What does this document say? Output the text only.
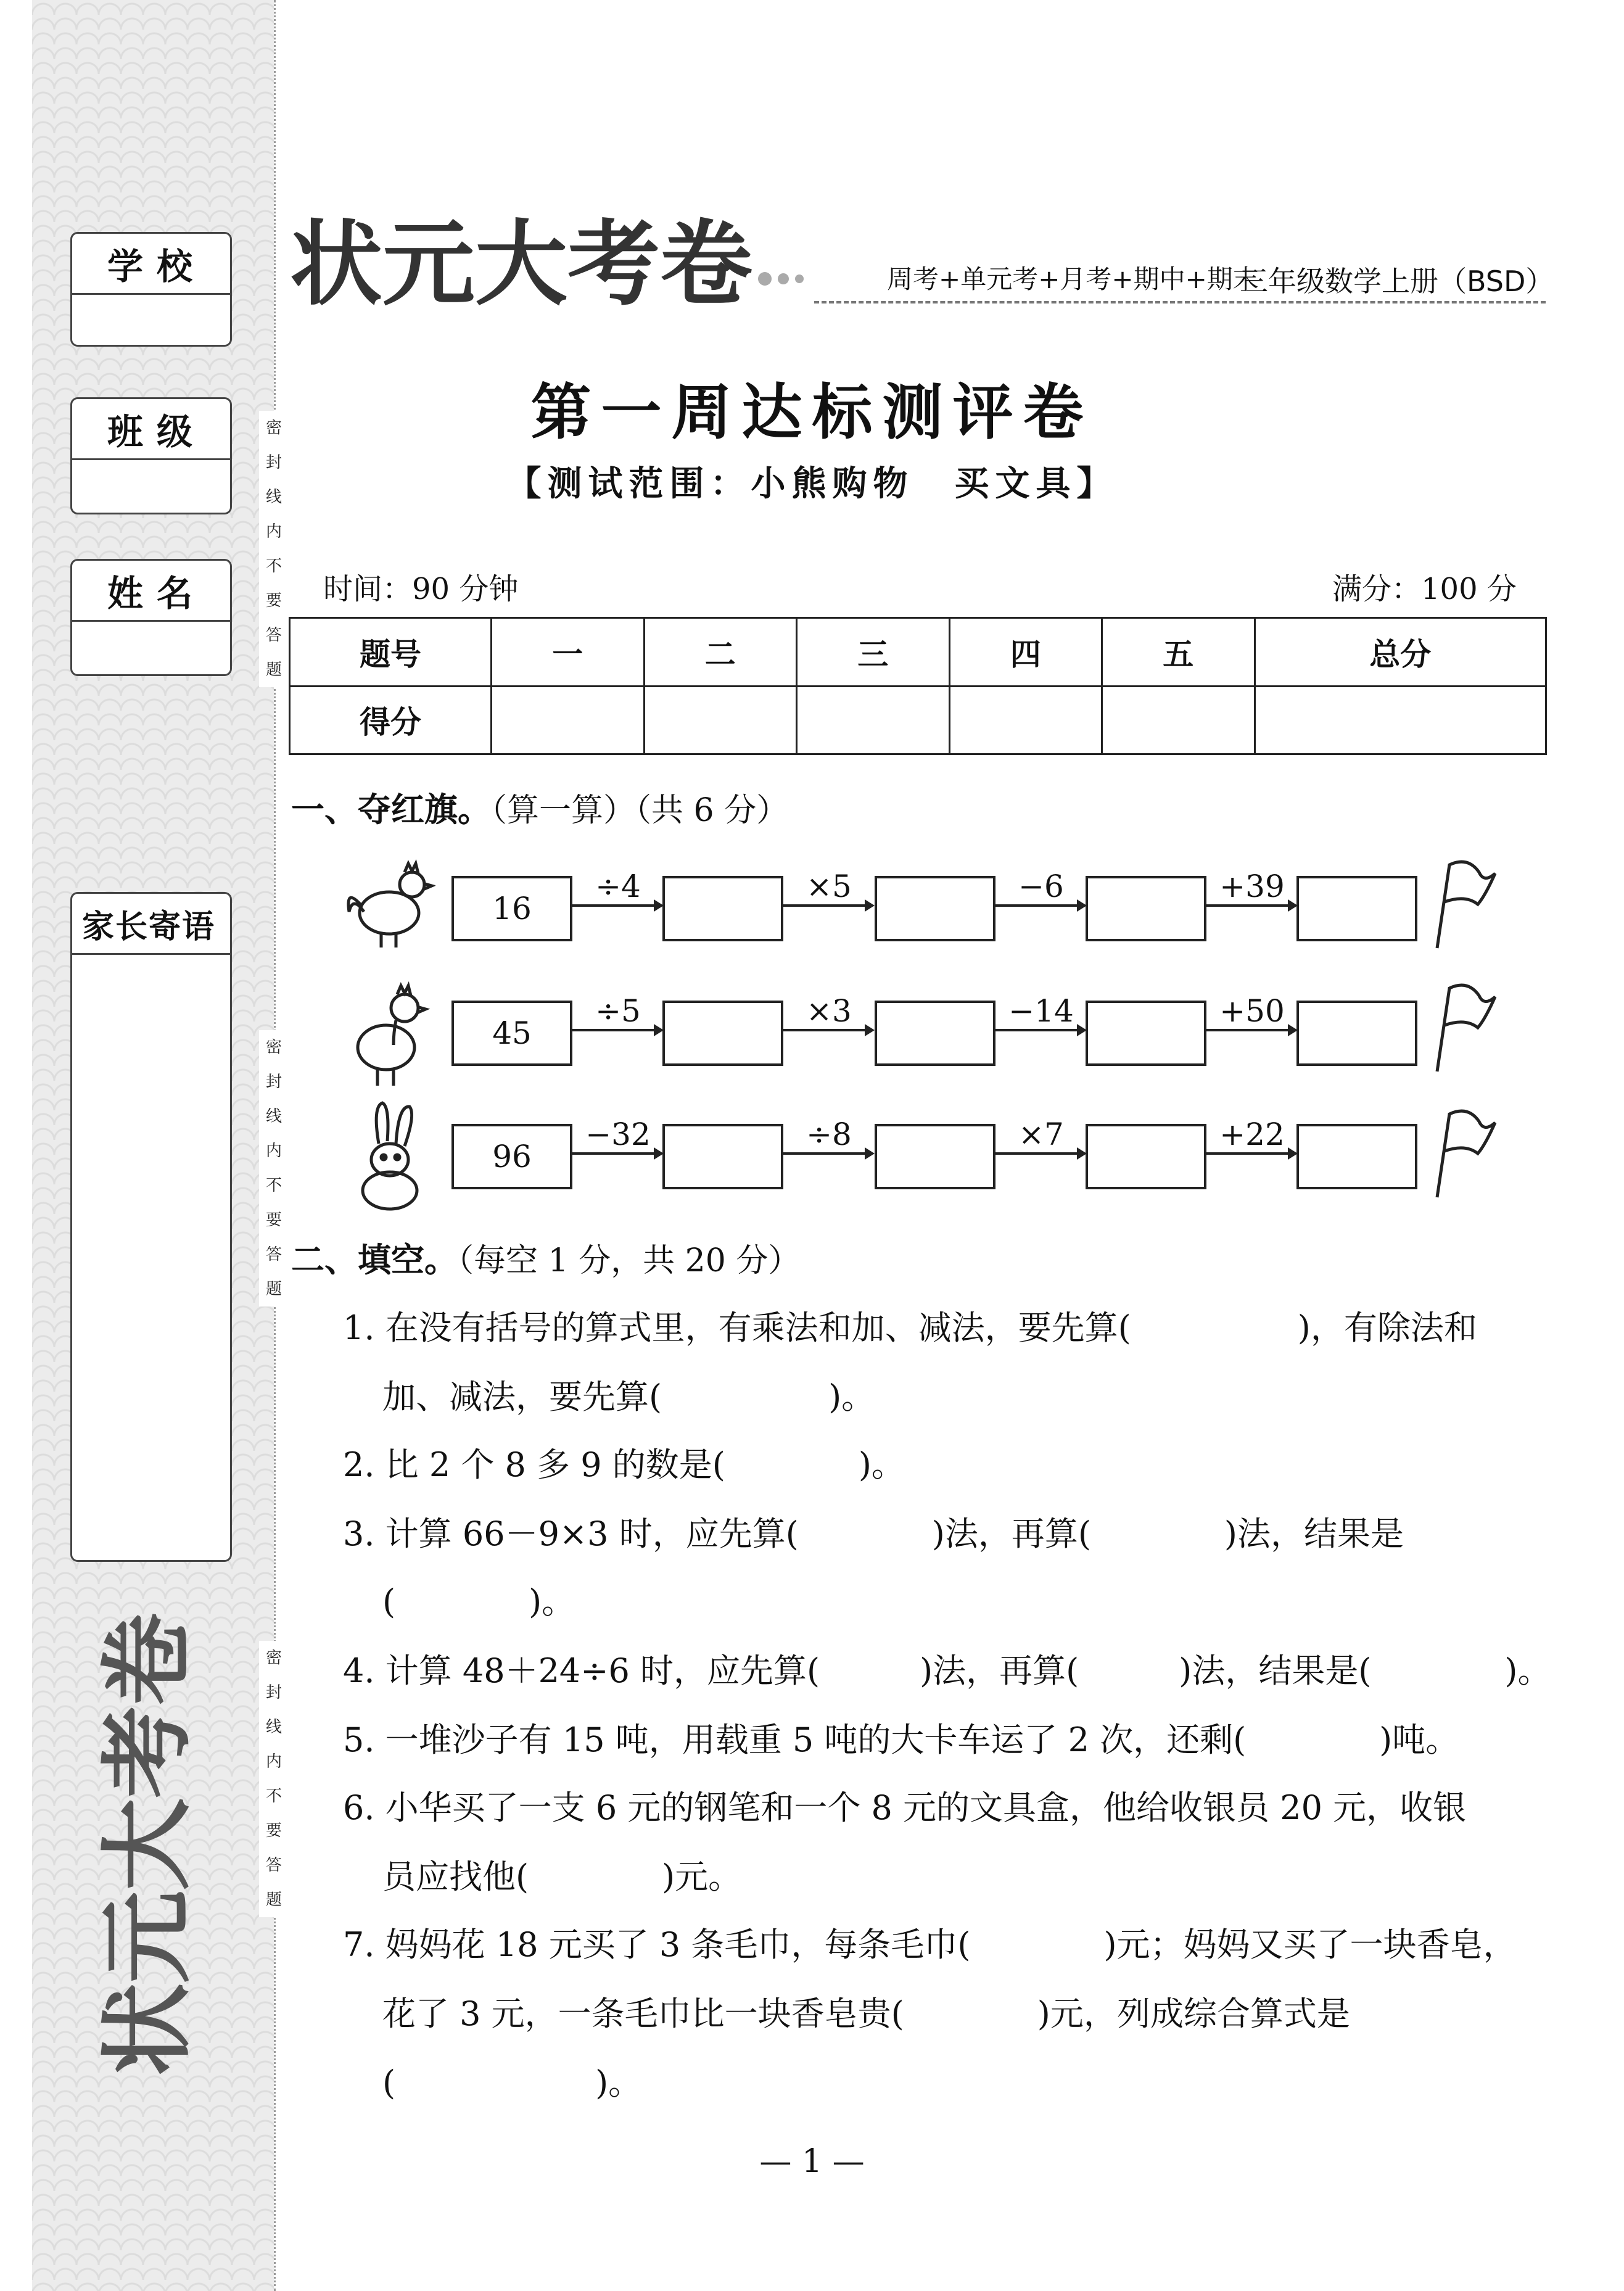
学校
班级
姓名
家长寄语
密
封
线
内
不
要
答
题
密
封
线
内
不
要
答
题
密
封
线
内
不
要
答
题
状元大考卷
状元大考卷	周考+单元考+月考+期中+期末
三年级数学上册（BSD）
第一周达标测评卷
【测试范围：小熊购物　买文具】
时间：90 分钟	满分：100 分
题号	一	二	三	四	五	总分
得分						
一、夺红旗。（算一算）（共 6 分）
16
÷4	×5	−6	+39
45
÷5	×3	−14	+50
96
−32	÷8	×7	+22
二、填空。（每空 1 分，共 20 分）
1. 在没有括号的算式里，有乘法和加、减法，要先算(　　　　　)，有除法和
加、减法，要先算(　　　　　)。
2. 比 2 个 8 多 9 的数是(　　　　)。
3. 计算 66－9×3 时，应先算(　　　　)法，再算(　　　　)法，结果是
(　　　　)。
4. 计算 48＋24÷6 时，应先算(　　　)法，再算(　　　)法，结果是(　　　　)。
5. 一堆沙子有 15 吨，用载重 5 吨的大卡车运了 2 次，还剩(　　　　)吨。
6. 小华买了一支 6 元的钢笔和一个 8 元的文具盒，他给收银员 20 元，收银
员应找他(　　　　)元。
7. 妈妈花 18 元买了 3 条毛巾，每条毛巾(　　　　)元；妈妈又买了一块香皂，
花了 3 元，一条毛巾比一块香皂贵(　　　　)元，列成综合算式是
(　　　　　　)。
— 1 —
